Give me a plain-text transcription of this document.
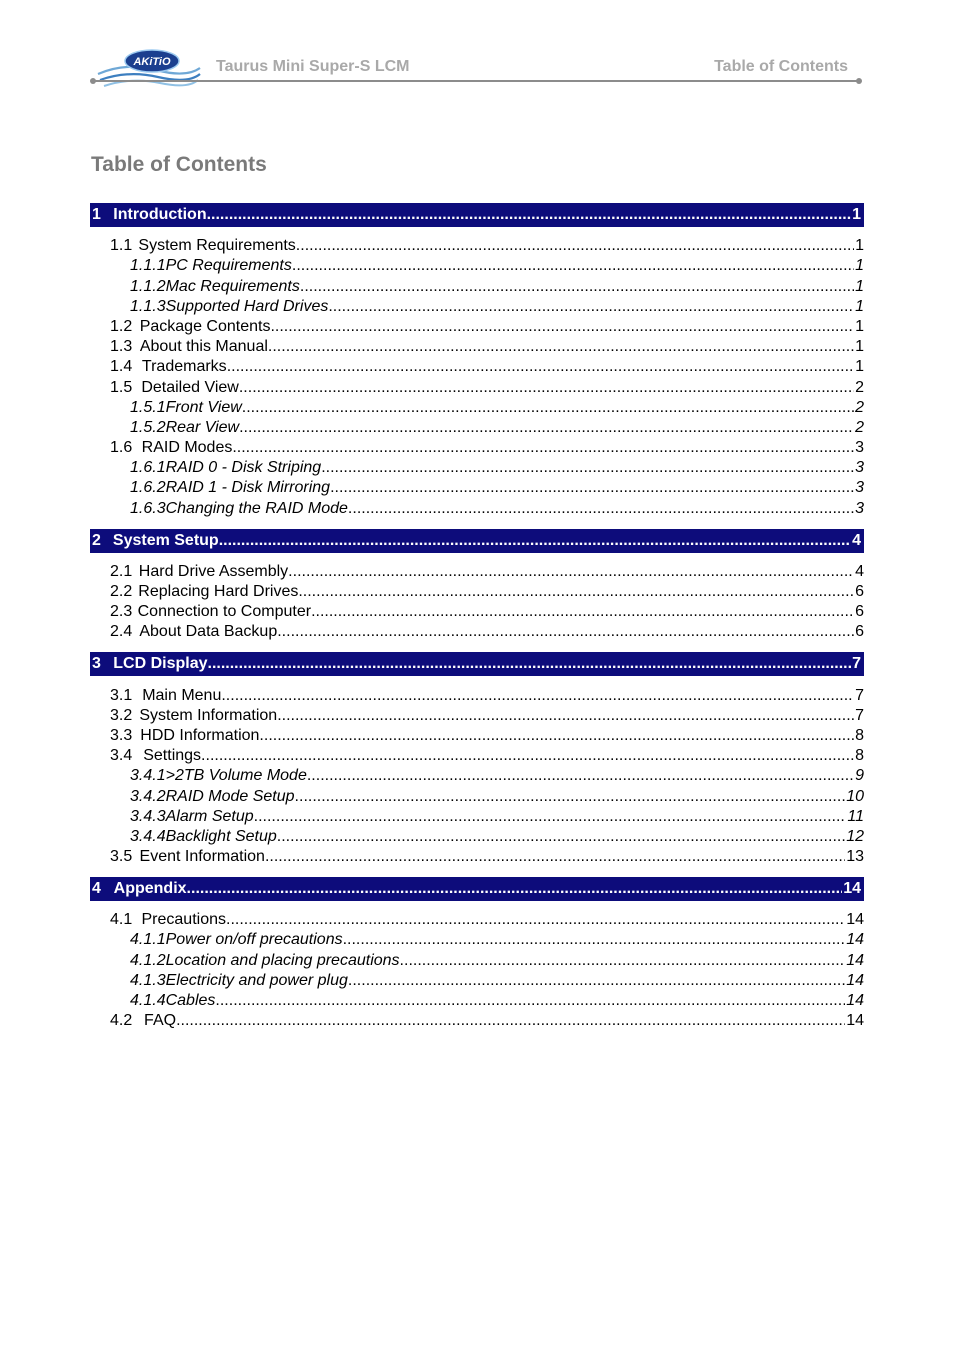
AKiTiO	Taurus Mini Super-S LCM	Table of Contents
Table of Contents
1 Introduction .....	1
1.1 System Requirements .....	1
1.1.1 PC Requirements .....	1
1.1.2 Mac Requirements .....	1
1.1.3 Supported Hard Drives .....	1
1.2 Package Contents .....	1
1.3 About this Manual .....	1
1.4 Trademarks .....	1
1.5 Detailed View .....	2
1.5.1 Front View .....	2
1.5.2 Rear View .....	2
1.6 RAID Modes .....	3
1.6.1 RAID 0 - Disk Striping .....	3
1.6.2 RAID 1 - Disk Mirroring .....	3
1.6.3 Changing the RAID Mode .....	3
2 System Setup .....	4
2.1 Hard Drive Assembly .....	4
2.2 Replacing Hard Drives .....	6
2.3 Connection to Computer .....	6
2.4 About Data Backup .....	6
3 LCD Display .....	7
3.1 Main Menu .....	7
3.2 System Information .....	7
3.3 HDD Information .....	8
3.4 Settings .....	8
3.4.1 >2TB Volume Mode .....	9
3.4.2 RAID Mode Setup .....	10
3.4.3 Alarm Setup .....	11
3.4.4 Backlight Setup .....	12
3.5 Event Information .....	13
4 Appendix .....	14
4.1 Precautions .....	14
4.1.1 Power on/off precautions .....	14
4.1.2 Location and placing precautions .....	14
4.1.3 Electricity and power plug .....	14
4.1.4 Cables .....	14
4.2 FAQ .....	14
